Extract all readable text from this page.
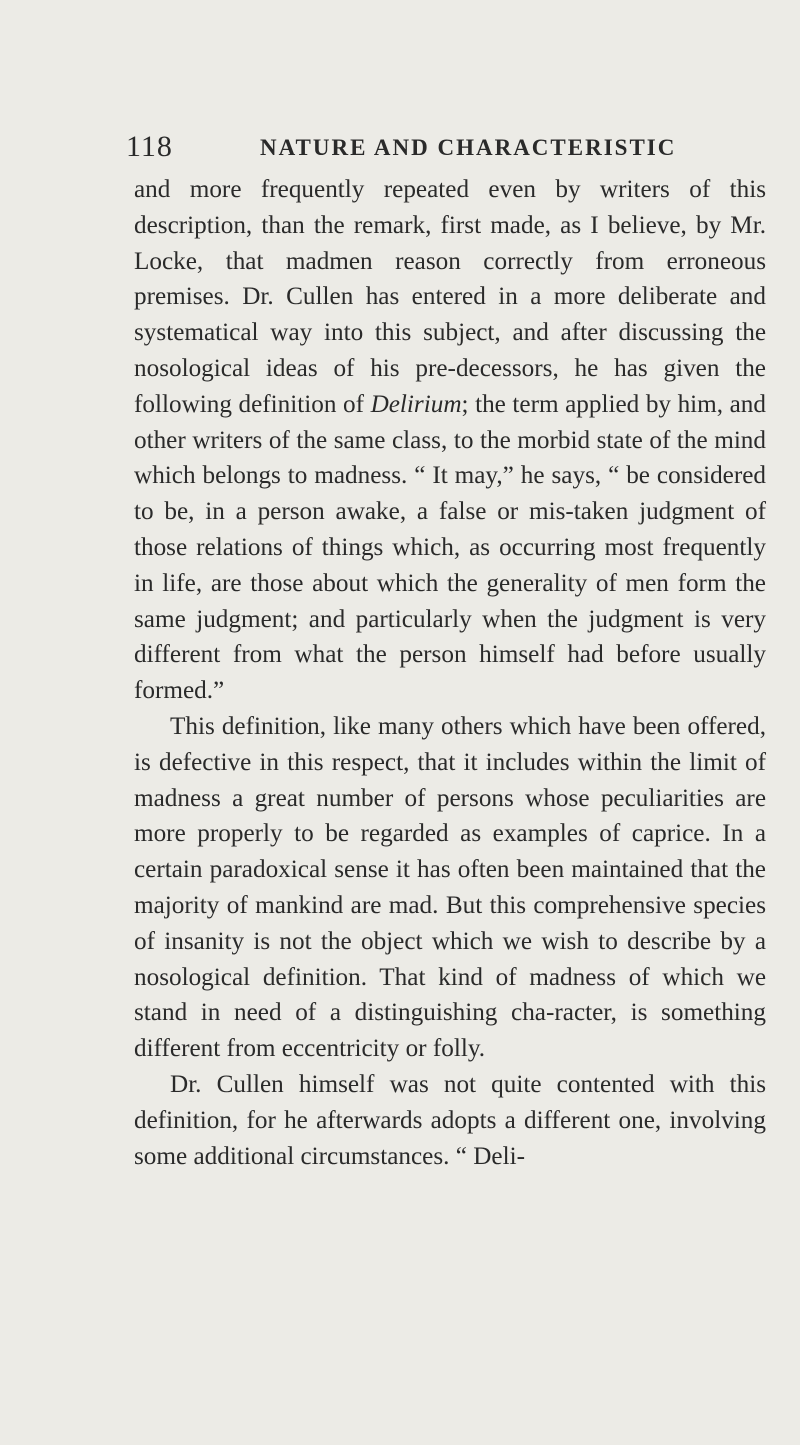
118	NATURE AND CHARACTERISTIC

and more frequently repeated even by writers of this description, than the remark, first made, as I believe, by Mr. Locke, that madmen reason correctly from erroneous premises. Dr. Cullen has entered in a more deliberate and systematical way into this subject, and after discussing the nosological ideas of his pre-decessors, he has given the following definition of Delirium; the term applied by him, and other writers of the same class, to the morbid state of the mind which belongs to madness. “ It may,” he says, “ be considered to be, in a person awake, a false or mis-taken judgment of those relations of things which, as occurring most frequently in life, are those about which the generality of men form the same judgment; and particularly when the judgment is very different from what the person himself had before usually formed.”

This definition, like many others which have been offered, is defective in this respect, that it includes within the limit of madness a great number of persons whose peculiarities are more properly to be regarded as examples of caprice. In a certain paradoxical sense it has often been maintained that the majority of mankind are mad. But this comprehensive species of insanity is not the object which we wish to describe by a nosological definition. That kind of madness of which we stand in need of a distinguishing cha-racter, is something different from eccentricity or folly.

Dr. Cullen himself was not quite contented with this definition, for he afterwards adopts a different one, involving some additional circumstances. “ Deli-
